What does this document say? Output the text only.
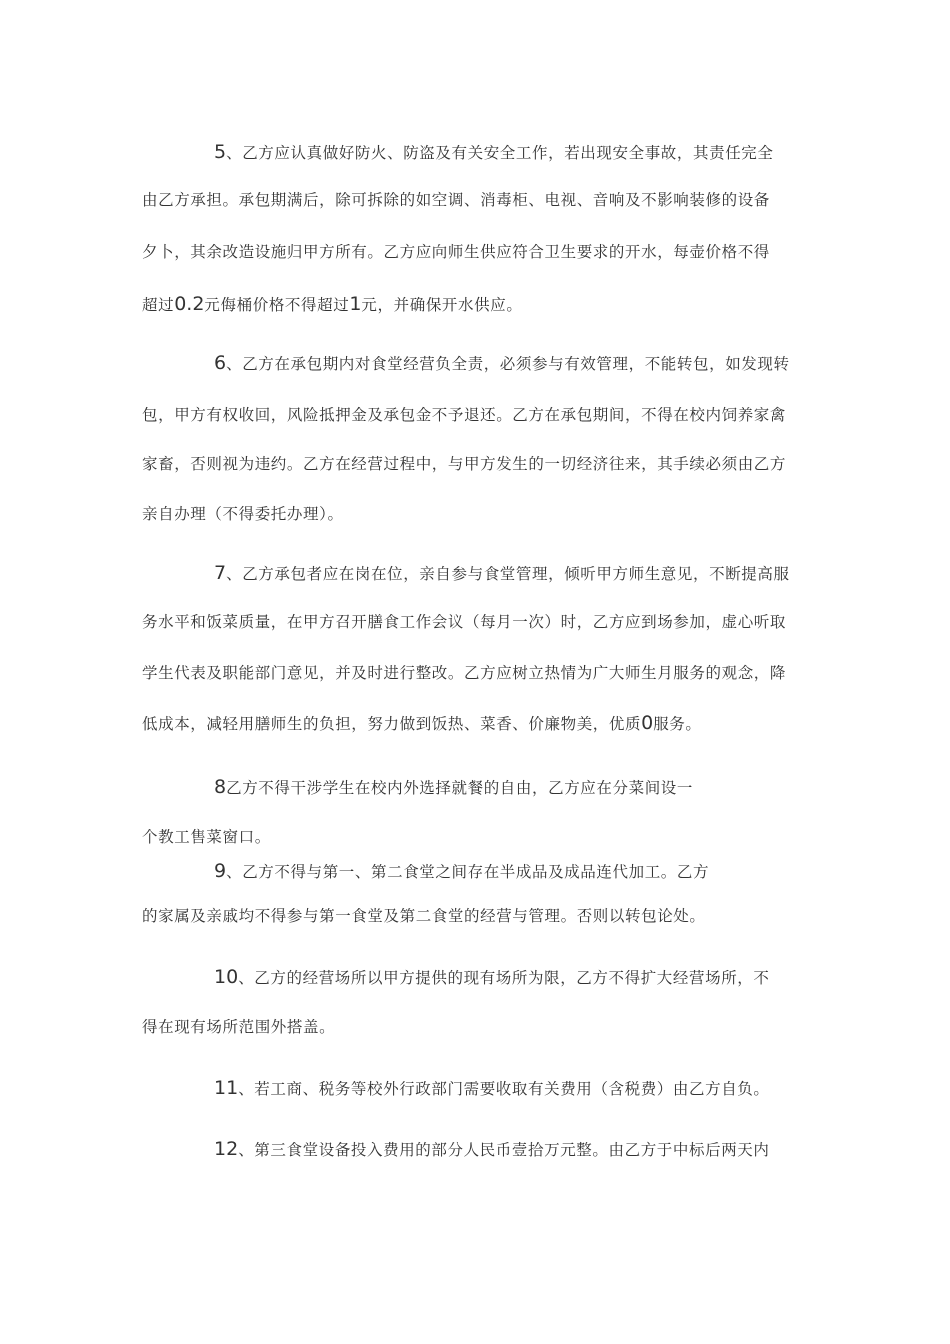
5、乙方应认真做好防火、防盗及有关安全工作，若出现安全事故，其责任完全
由乙方承担。承包期满后，除可拆除的如空调、消毒柜、电视、音响及不影响装修的设备
夕卜，其余改造设施归甲方所有。乙方应向师生供应符合卫生要求的开水，每壶价格不得
超过0.2元侮桶价格不得超过1元，并确保开水供应。
6、乙方在承包期内对食堂经营负全责，必须参与有效管理，不能转包，如发现转
包，甲方有权收回，风险抵押金及承包金不予退还。乙方在承包期间，不得在校内饲养家禽
家畜，否则视为违约。乙方在经营过程中，与甲方发生的一切经济往来，其手续必须由乙方
亲自办理（不得委托办理）。
7、乙方承包者应在岗在位，亲自参与食堂管理，倾听甲方师生意见，不断提高服
务水平和饭菜质量，在甲方召开膳食工作会议（每月一次）时，乙方应到场参加，虚心听取
学生代表及职能部门意见，并及时进行整改。乙方应树立热情为广大师生月服务的观念，降
低成本，减轻用膳师生的负担，努力做到饭热、菜香、价廉物美，优质0服务。
8乙方不得干涉学生在校内外选择就餐的自由，乙方应在分菜间设一
个教工售菜窗口。
9、乙方不得与第一、第二食堂之间存在半成品及成品连代加工。乙方
的家属及亲戚均不得参与第一食堂及第二食堂的经营与管理。否则以转包论处。
10、乙方的经营场所以甲方提供的现有场所为限，乙方不得扩大经营场所，不
得在现有场所范围外搭盖。
11、若工商、税务等校外行政部门需要收取有关费用（含税费）由乙方自负。
12、第三食堂设备投入费用的部分人民币壹拾万元整。由乙方于中标后两天内
